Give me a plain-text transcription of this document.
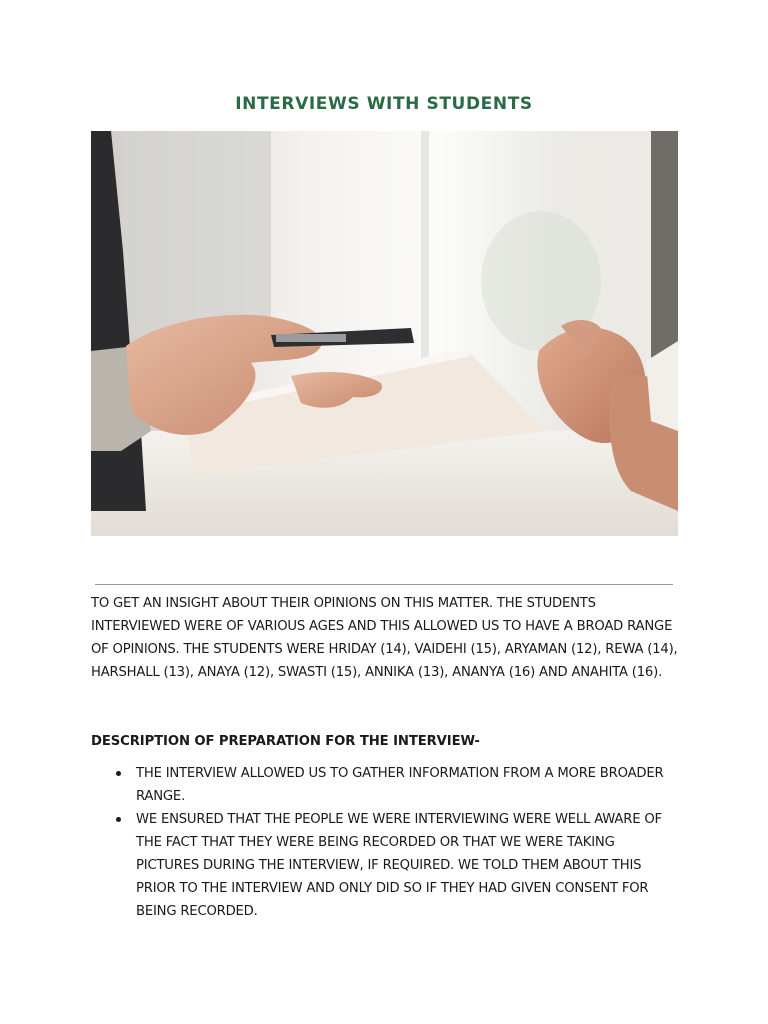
INTERVIEWS WITH STUDENTS

TO GET AN INSIGHT ABOUT THEIR OPINIONS ON THIS MATTER. THE STUDENTS INTERVIEWED WERE OF VARIOUS AGES AND THIS ALLOWED US TO HAVE A BROAD RANGE OF OPINIONS. THE STUDENTS WERE HRIDAY (14), VAIDEHI (15), ARYAMAN (12), REWA (14), HARSHALL (13), ANAYA (12), SWASTI (15), ANNIKA (13), ANANYA (16) AND ANAHITA (16).

DESCRIPTION OF PREPARATION FOR THE INTERVIEW-

THE INTERVIEW ALLOWED US TO GATHER INFORMATION FROM A MORE BROADER RANGE.
WE ENSURED THAT THE PEOPLE WE WERE INTERVIEWING WERE WELL AWARE OF THE FACT THAT THEY WERE BEING RECORDED OR THAT WE WERE TAKING PICTURES DURING THE INTERVIEW, IF REQUIRED. WE TOLD THEM ABOUT THIS PRIOR TO THE INTERVIEW AND ONLY DID SO IF THEY HAD GIVEN CONSENT FOR BEING RECORDED.
